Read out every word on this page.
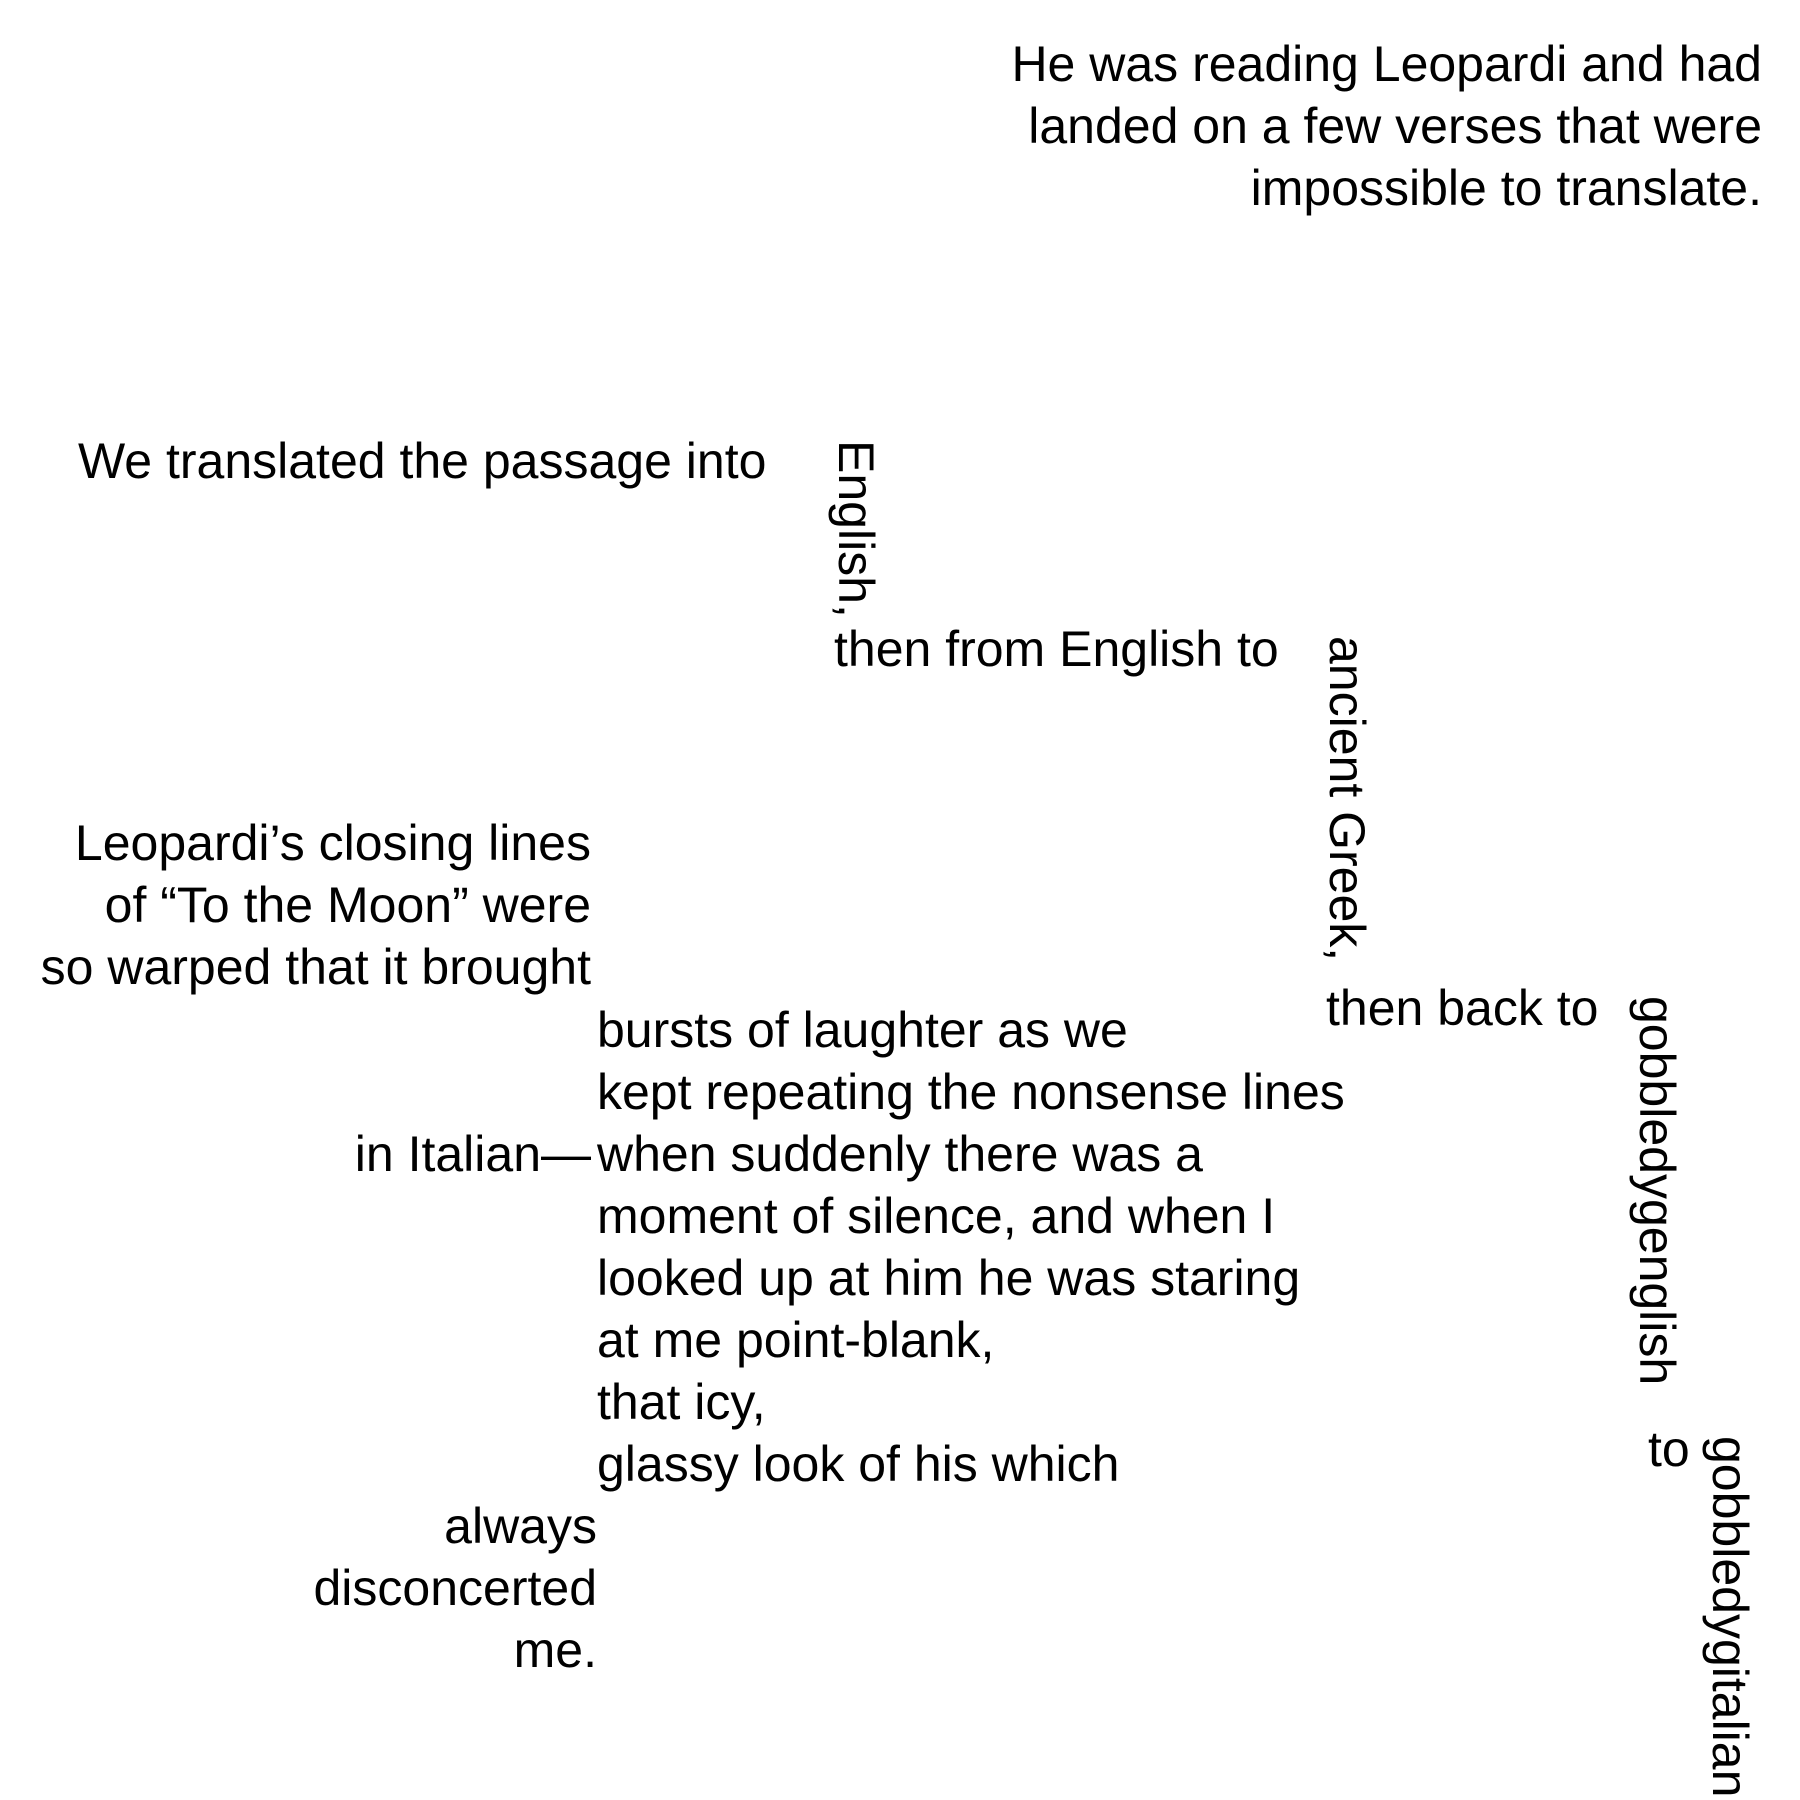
He was reading Leopardi and had
landed on a few verses that were
impossible to translate.
We translated the passage into English,
then from English to ancient Greek,
then back to gobbledygenglish
to gobbledygitalian
Leopardi’s closing lines
of “To the Moon” were
so warped that it brought
bursts of laughter as we
kept repeating the nonsense lines
in Italian— when suddenly there was a
moment of silence, and when I
looked up at him he was staring
at me point-blank,
that icy,
glassy look of his which
always
disconcerted
me.
